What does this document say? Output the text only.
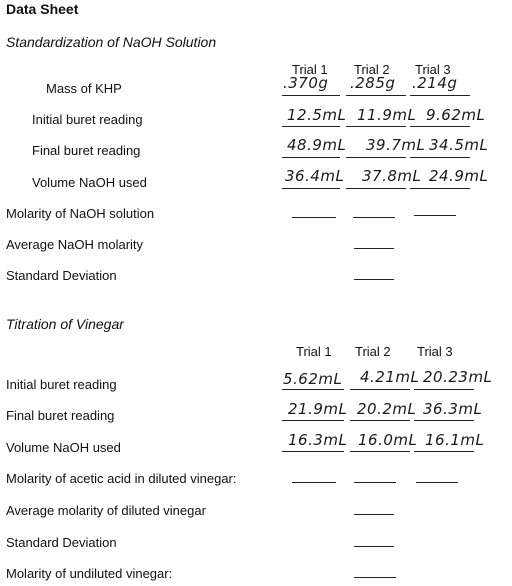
Data Sheet
Standardization of NaOH Solution
Trial 1 Trial 2 Trial 3
Mass of KHP	.370g .285g .214g
Initial buret reading	12.5mL 11.9mL 9.62mL
Final buret reading	48.9mL 39.7mL 34.5mL
Volume NaOH used	36.4mL 37.8mL 24.9mL
Molarity of NaOH solution
Average NaOH molarity
Standard Deviation
Titration of Vinegar
Trial 1 Trial 2 Trial 3
Initial buret reading	5.62mL 4.21mL 20.23mL
Final buret reading	21.9mL 20.2mL 36.3mL
Volume NaOH used	16.3mL 16.0mL 16.1mL
Molarity of acetic acid in diluted vinegar:
Average molarity of diluted vinegar
Standard Deviation
Molarity of undiluted vinegar:
